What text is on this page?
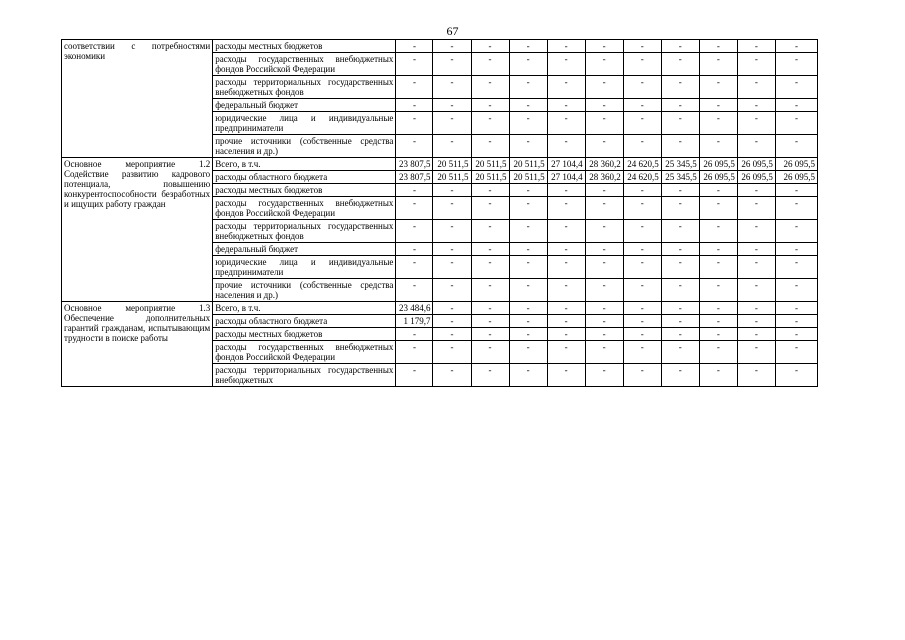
67
соответствии с потребностями экономики	расходы местных бюджетов	-	-	-	-	-	-	-	-	-	-	-
	расходы государственных внебюджетных фондов Российской Федерации	-	-	-	-	-	-	-	-	-	-	-
	расходы территориальных государственных внебюджетных фондов	-	-	-	-	-	-	-	-	-	-	-
	федеральный бюджет	-	-	-	-	-	-	-	-	-	-	-
	юридические лица и индивидуальные предприниматели	-	-	-	-	-	-	-	-	-	-	-
	прочие источники (собственные средства населения и др.)	-	-	-	-	-	-	-	-	-	-	-
Основное мероприятие 1.2 Содействие развитию кадрового потенциала, повышению конкурентоспособности безработных и ищущих работу граждан	Всего, в т.ч.	23 807,5	20 511,5	20 511,5	20 511,5	27 104,4	28 360,2	24 620,5	25 345,5	26 095,5	26 095,5	26 095,5
	расходы областного бюджета	23 807,5	20 511,5	20 511,5	20 511,5	27 104,4	28 360,2	24 620,5	25 345,5	26 095,5	26 095,5	26 095,5
	расходы местных бюджетов	-	-	-	-	-	-	-	-	-	-	-
	расходы государственных внебюджетных фондов Российской Федерации	-	-	-	-	-	-	-	-	-	-	-
	расходы территориальных государственных внебюджетных фондов	-	-	-	-	-	-	-	-	-	-	-
	федеральный бюджет	-	-	-	-	-	-	-	-	-	-	-
	юридические лица и индивидуальные предприниматели	-	-	-	-	-	-	-	-	-	-	-
	прочие источники (собственные средства населения и др.)	-	-	-	-	-	-	-	-	-	-	-
Основное мероприятие 1.3 Обеспечение дополнительных гарантий гражданам, испытывающим трудности в поиске работы	Всего, в т.ч.	23 484,6	-	-	-	-	-	-	-	-	-	-
	расходы областного бюджета	1 179,7	-	-	-	-	-	-	-	-	-	-
	расходы местных бюджетов	-	-	-	-	-	-	-	-	-	-	-
	расходы государственных внебюджетных фондов Российской Федерации	-	-	-	-	-	-	-	-	-	-	-
	расходы территориальных государственных внебюджетных	-	-	-	-	-	-	-	-	-	-	-
